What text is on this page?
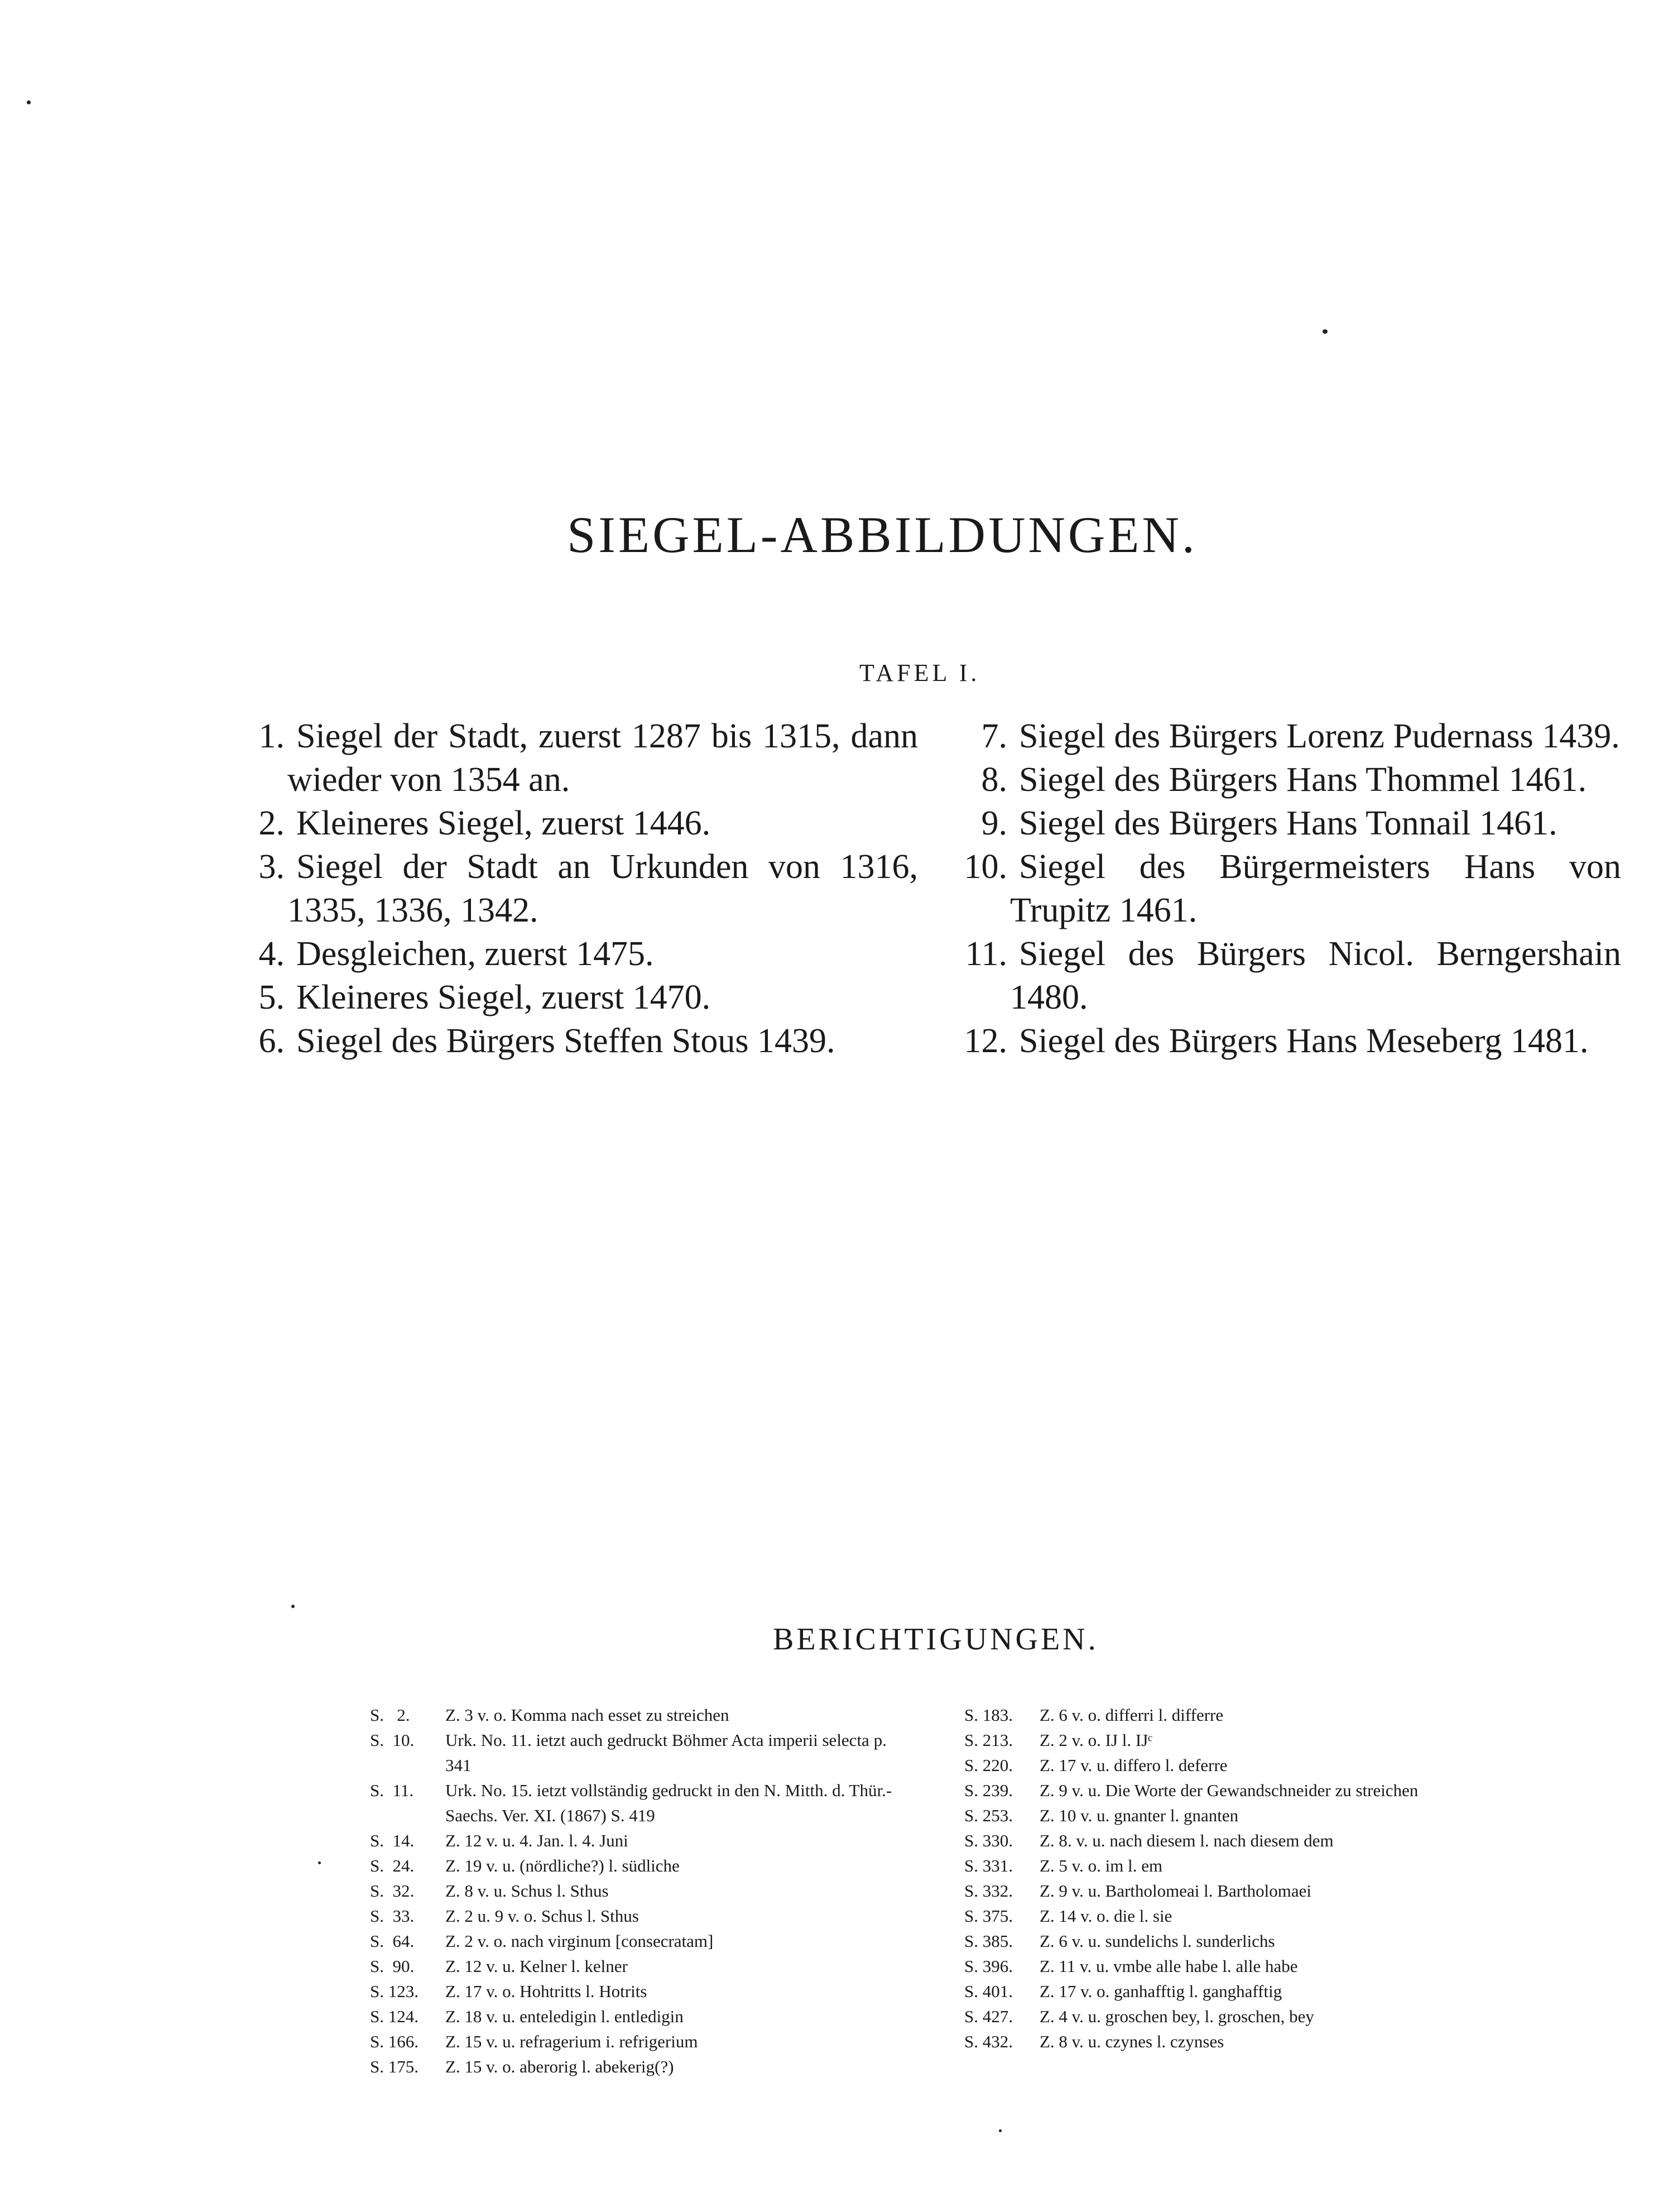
SIEGEL-ABBILDUNGEN.
TAFEL I.
1. Siegel der Stadt, zuerst 1287 bis 1315, dann wieder von 1354 an.
2. Kleineres Siegel, zuerst 1446.
3. Siegel der Stadt an Urkunden von 1316, 1335, 1336, 1342.
4. Desgleichen, zuerst 1475.
5. Kleineres Siegel, zuerst 1470.
6. Siegel des Bürgers Steffen Stous 1439.
7. Siegel des Bürgers Lorenz Pudernass 1439.
8. Siegel des Bürgers Hans Thommel 1461.
9. Siegel des Bürgers Hans Tonnail 1461.
10. Siegel des Bürgermeisters Hans von Trupitz 1461.
11. Siegel des Bürgers Nicol. Berngershain 1480.
12. Siegel des Bürgers Hans Meseberg 1481.
BERICHTIGUNGEN.
S.   2.	Z. 3 v. o. Komma nach esset zu streichen
S.  10.	Urk. No. 11. ietzt auch gedruckt Böhmer Acta imperii selecta p. 341
S.  11.	Urk. No. 15. ietzt vollständig gedruckt in den N. Mitth. d. Thür.-Saechs. Ver. XI. (1867) S. 419
S.  14.	Z. 12 v. u. 4. Jan. l. 4. Juni
S.  24.	Z. 19 v. u. (nördliche?) l. südliche
S.  32.	Z. 8 v. u. Schus l. Sthus
S.  33.	Z. 2 u. 9 v. o. Schus l. Sthus
S.  64.	Z. 2 v. o. nach virginum [consecratam]
S.  90.	Z. 12 v. u. Kelner l. kelner
S. 123.	Z. 17 v. o. Hohtritts l. Hotrits
S. 124.	Z. 18 v. u. enteledigin l. entledigin
S. 166.	Z. 15 v. u. refragerium i. refrigerium
S. 175.	Z. 15 v. o. aberorig l. abekerig(?)
S. 183.	Z. 6 v. o. differri l. differre
S. 213.	Z. 2 v. o. IJ l. IJᶜ
S. 220.	Z. 17 v. u. differo l. deferre
S. 239.	Z. 9 v. u. Die Worte der Gewandschneider zu streichen
S. 253.	Z. 10 v. u. gnanter l. gnanten
S. 330.	Z. 8. v. u. nach diesem l. nach diesem dem
S. 331.	Z. 5 v. o. im l. em
S. 332.	Z. 9 v. u. Bartholomeai l. Bartholomaei
S. 375.	Z. 14 v. o. die l. sie
S. 385.	Z. 6 v. u. sundelichs l. sunderlichs
S. 396.	Z. 11 v. u. vmbe alle habe l. alle habe
S. 401.	Z. 17 v. o. ganhafftig l. ganghafftig
S. 427.	Z. 4 v. u. groschen bey, l. groschen, bey
S. 432.	Z. 8 v. u. czynes l. czynses
